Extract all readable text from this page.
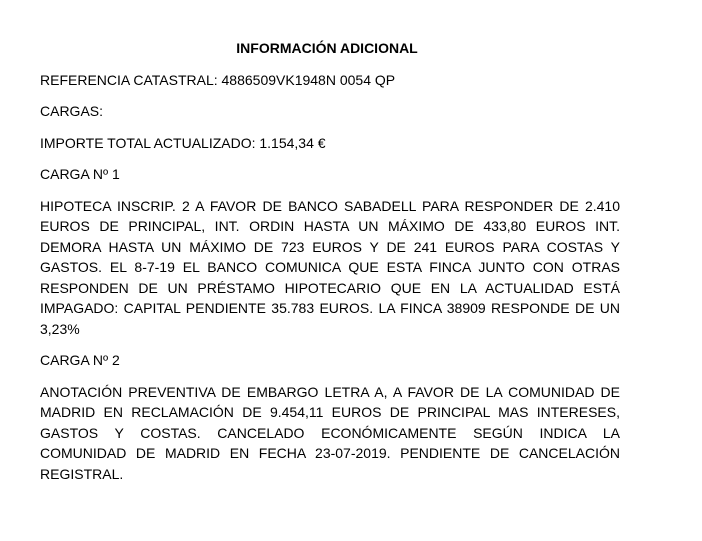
INFORMACIÓN ADICIONAL
REFERENCIA CATASTRAL: 4886509VK1948N 0054 QP
CARGAS:
IMPORTE TOTAL ACTUALIZADO: 1.154,34 €
CARGA Nº 1
HIPOTECA INSCRIP. 2 A FAVOR DE BANCO SABADELL PARA RESPONDER DE 2.410 EUROS DE PRINCIPAL, INT. ORDIN HASTA UN MÁXIMO DE 433,80 EUROS INT. DEMORA HASTA UN MÁXIMO DE 723 EUROS Y DE 241 EUROS PARA COSTAS Y GASTOS. EL 8-7-19 EL BANCO COMUNICA QUE ESTA FINCA JUNTO CON OTRAS RESPONDEN DE UN PRÉSTAMO HIPOTECARIO QUE EN LA ACTUALIDAD ESTÁ IMPAGADO: CAPITAL PENDIENTE 35.783 EUROS. LA FINCA 38909 RESPONDE DE UN 3,23%
CARGA Nº 2
ANOTACIÓN PREVENTIVA DE EMBARGO LETRA A, A FAVOR DE LA COMUNIDAD DE MADRID EN RECLAMACIÓN DE 9.454,11 EUROS DE PRINCIPAL MAS INTERESES, GASTOS Y COSTAS. CANCELADO ECONÓMICAMENTE SEGÚN INDICA LA COMUNIDAD DE MADRID EN FECHA 23-07-2019. PENDIENTE DE CANCELACIÓN REGISTRAL.
